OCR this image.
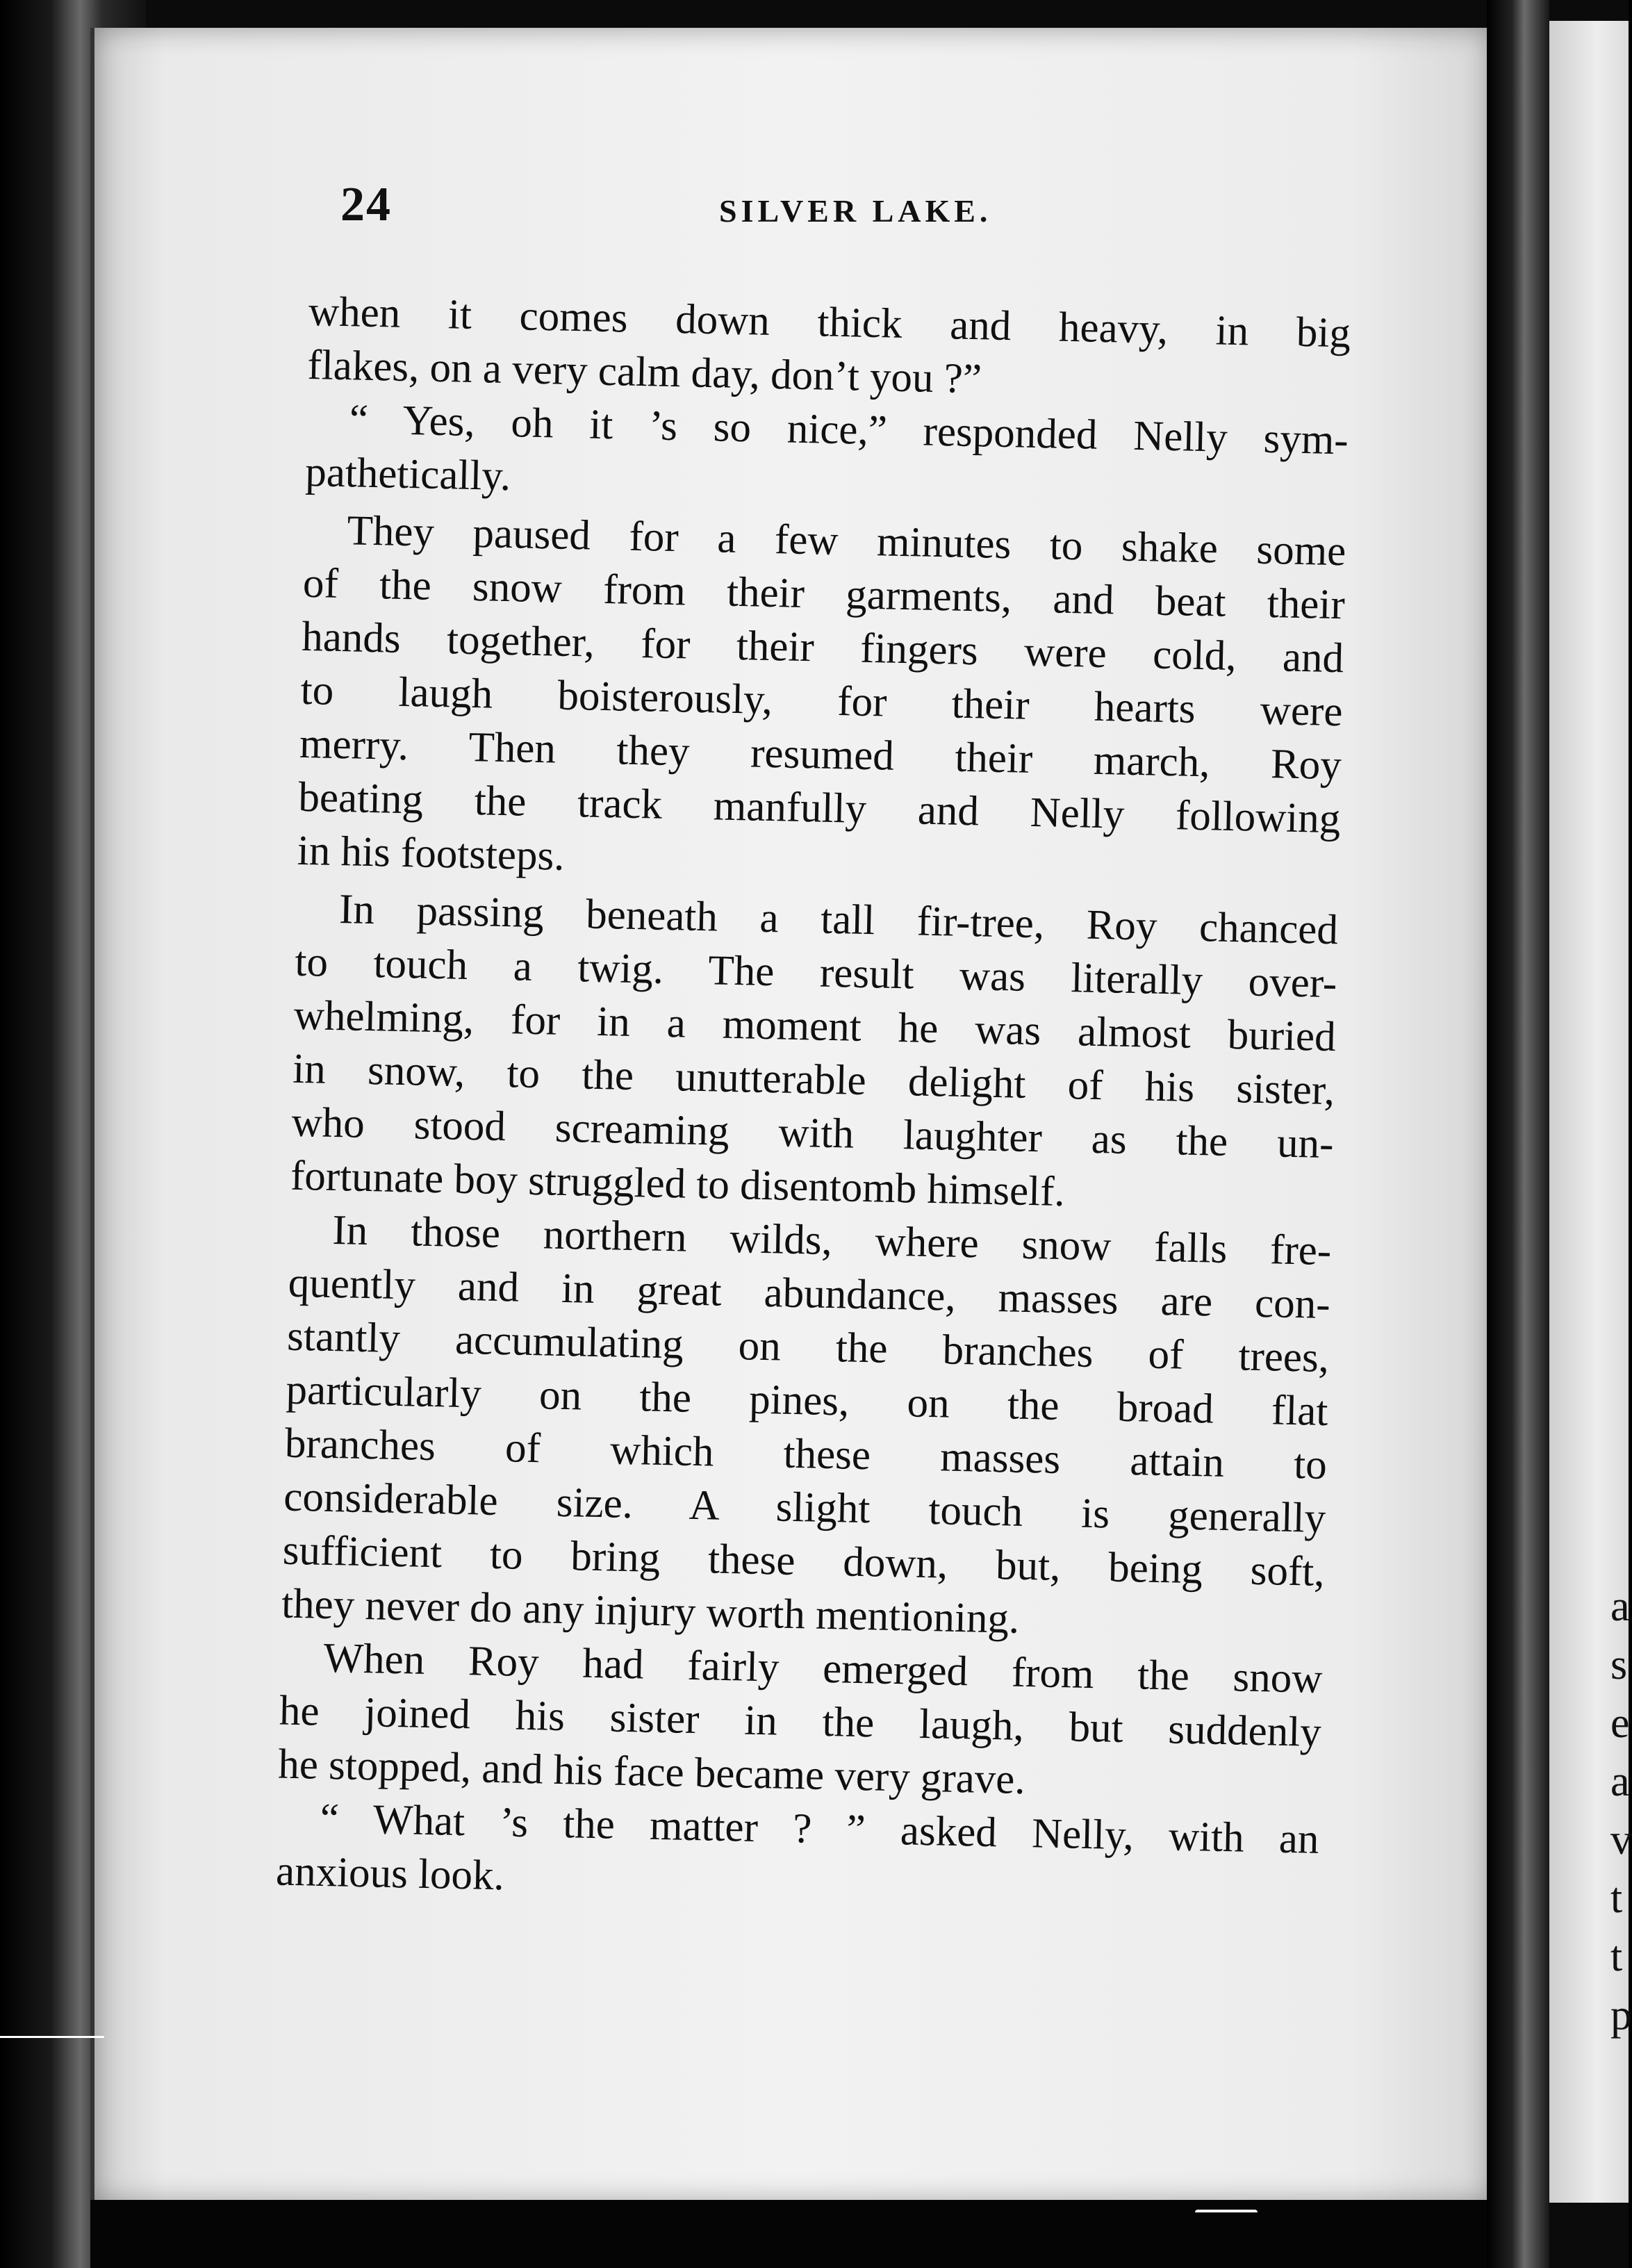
a
s
e
a
v
t
t
p
24	SILVER LAKE.
when it comes down thick and heavy, in big
flakes, on a very calm day, don’t you ?”
“ Yes, oh it ’s so nice,” responded Nelly sym-
pathetically.
They paused for a few minutes to shake some
of the snow from their garments, and beat their
hands together, for their fingers were cold, and
to laugh boisterously, for their hearts were
merry. Then they resumed their march, Roy
beating the track manfully and Nelly following
in his footsteps.
In passing beneath a tall fir-tree, Roy chanced
to touch a twig. The result was literally over-
whelming, for in a moment he was almost buried
in snow, to the unutterable delight of his sister,
who stood screaming with laughter as the un-
fortunate boy struggled to disentomb himself.
In those northern wilds, where snow falls fre-
quently and in great abundance, masses are con-
stantly accumulating on the branches of trees,
particularly on the pines, on the broad flat
branches of which these masses attain to
considerable size. A slight touch is generally
sufficient to bring these down, but, being soft,
they never do any injury worth mentioning.
When Roy had fairly emerged from the snow
he joined his sister in the laugh, but suddenly
he stopped, and his face became very grave.
“ What ’s the matter ? ” asked Nelly, with an
anxious look.
